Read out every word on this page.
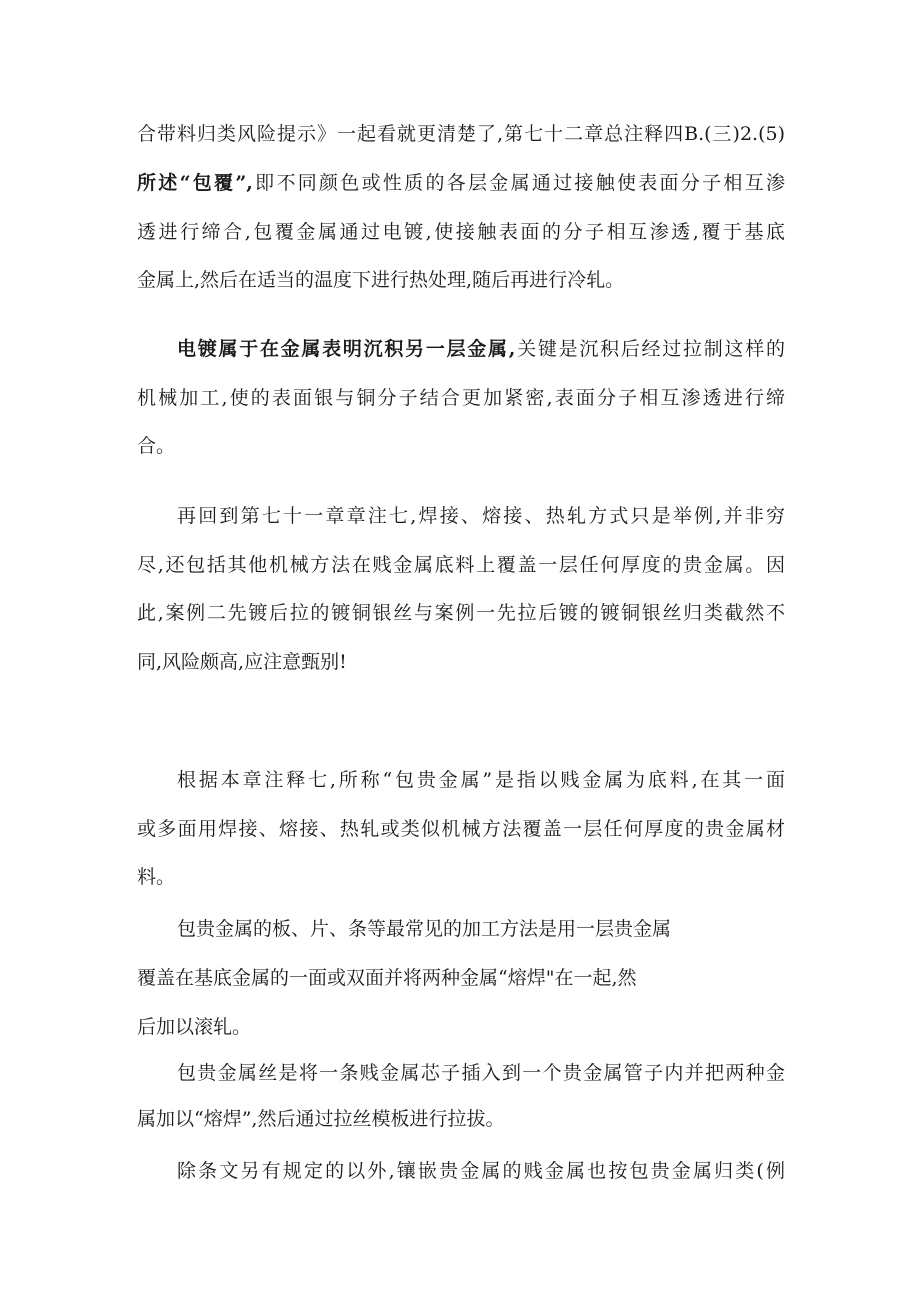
合带料归类风险提示》一起看就更清楚了,第七十二章总注释四B.(三)2.(5)
所述“包覆”,即不同颜色或性质的各层金属通过接触使表面分子相互渗
透进行缔合,包覆金属通过电镀,使接触表面的分子相互渗透,覆于基底
金属上,然后在适当的温度下进行热处理,随后再进行冷轧。
电镀属于在金属表明沉积另一层金属,关键是沉积后经过拉制这样的
机械加工,使的表面银与铜分子结合更加紧密,表面分子相互渗透进行缔
合。
再回到第七十一章章注七,焊接、熔接、热轧方式只是举例,并非穷
尽,还包括其他机械方法在贱金属底料上覆盖一层任何厚度的贵金属。因
此,案例二先镀后拉的镀铜银丝与案例一先拉后镀的镀铜银丝归类截然不
同,风险颇高,应注意甄别!
根据本章注释七,所称“包贵金属”是指以贱金属为底料,在其一面
或多面用焊接、熔接、热轧或类似机械方法覆盖一层任何厚度的贵金属材
料。
包贵金属的板、片、条等最常见的加工方法是用一层贵金属
覆盖在基底金属的一面或双面并将两种金属“熔焊"在一起,然
后加以滚轧。
包贵金属丝是将一条贱金属芯子插入到一个贵金属管子内并把两种金
属加以“熔焊”,然后通过拉丝模板进行拉拔。
除条文另有规定的以外,镶嵌贵金属的贱金属也按包贵金属归类(例
